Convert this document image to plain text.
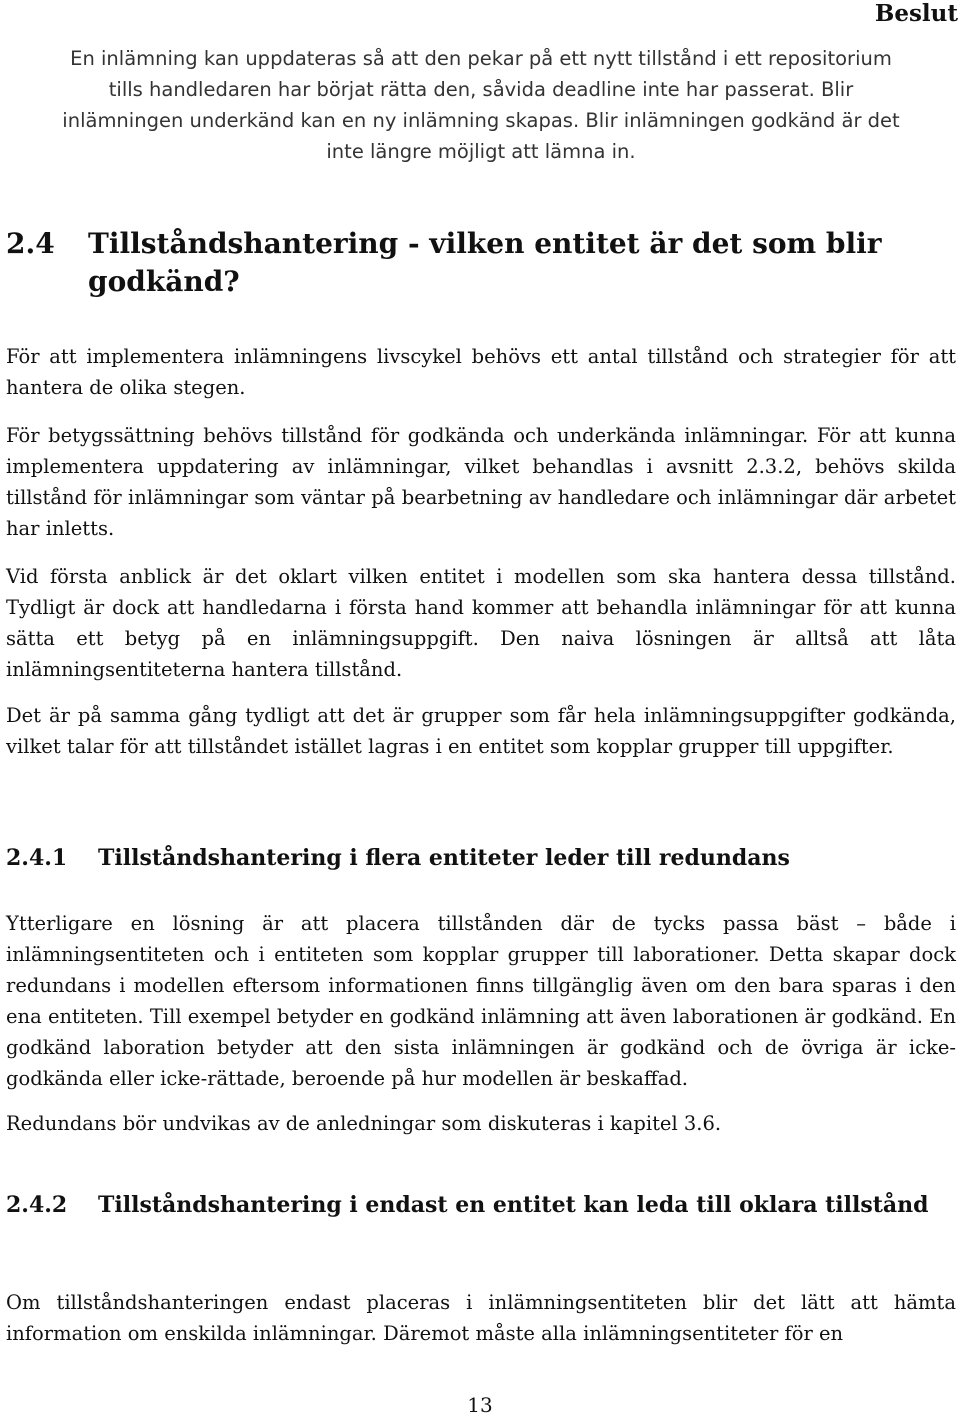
Beslut
En inlämning kan uppdateras så att den pekar på ett nytt tillstånd i ett repositorium
tills handledaren har börjat rätta den, såvida deadline inte har passerat. Blir
inlämningen underkänd kan en ny inlämning skapas. Blir inlämningen godkänd är det
inte längre möjligt att lämna in.
2.4	Tillståndshantering - vilken entitet är det som blir godkänd?
För att implementera inlämningens livscykel behövs ett antal tillstånd och strategier för att hantera de olika stegen.
För betygssättning behövs tillstånd för godkända och underkända inlämningar. För att kunna implementera uppdatering av inlämningar, vilket behandlas i avsnitt 2.3.2, behövs skilda tillstånd för inlämningar som väntar på bearbetning av handledare och inlämningar där arbetet har inletts.
Vid första anblick är det oklart vilken entitet i modellen som ska hantera dessa tillstånd. Tydligt är dock att handledarna i första hand kommer att behandla inlämningar för att kunna sätta ett betyg på en inlämningsuppgift. Den naiva lösningen är alltså att låta inlämningsentiteterna hantera tillstånd.
Det är på samma gång tydligt att det är grupper som får hela inlämningsuppgifter godkända, vilket talar för att tillståndet istället lagras i en entitet som kopplar grupper till uppgifter.
2.4.1	Tillståndshantering i flera entiteter leder till redundans
Ytterligare en lösning är att placera tillstånden där de tycks passa bäst – både i inlämningsentiteten och i entiteten som kopplar grupper till laborationer. Detta skapar dock redundans i modellen eftersom informationen finns tillgänglig även om den bara sparas i den ena entiteten. Till exempel betyder en godkänd inlämning att även laborationen är godkänd. En godkänd laboration betyder att den sista inlämningen är godkänd och de övriga är icke-godkända eller icke-rättade, beroende på hur modellen är beskaffad.
Redundans bör undvikas av de anledningar som diskuteras i kapitel 3.6.
2.4.2	Tillståndshantering i endast en entitet kan leda till oklara tillstånd
Om tillståndshanteringen endast placeras i inlämningsentiteten blir det lätt att hämta information om enskilda inlämningar. Däremot måste alla inlämningsentiteter för en
13
